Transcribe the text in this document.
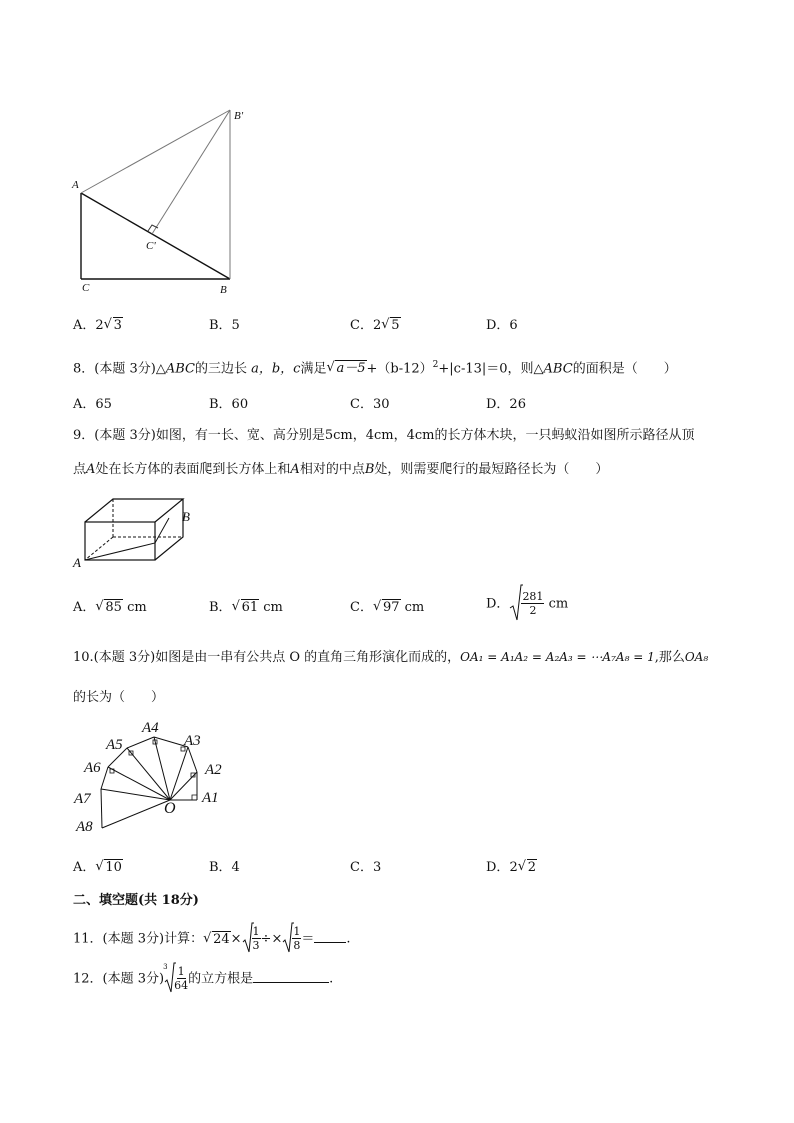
A
B'
C'
C	B
A．2 √ 3	B．5	C．2 √ 5	D．6
8．(本题 3分)△ABC的三边长 a，b，c满足 √ $a-5+(b-12)^2+|c-13|=0$，则△ABC的面积是（　　）
A．65	B．60	C．30	D．26
9．(本题 3分)如图，有一长、宽、高分别是5cm，4cm，4cm的长方体木块，一只蚂蚁沿如图所示路径从顶
点A处在长方体的表面爬到长方体上和A相对的中点B处，则需要爬行的最短路径长为（　　）
B
A
A． √ 85 cm	B． √ 61 cm	C． √ 97 cm	D． $\frac{281}{2}$ cm
10.(本题 3分)如图是由一串有公共点 O 的直角三角形演化而成的，OA₁ = A₁A₂ = A₂A₃ = ⋯A₇A₈ = 1,那么OA₈
的长为（　　）
A1
A2
A3
A4
A5
A6
A7
A8
O
A． √ 10	B．4	C．3	D．2 √ 2
二、填空题(共 18分)
11．(本题 3分)计算： √ $24\times \frac{1}{3} \div\times \frac{1}{8}$ ＝ .
12．(本题 3分)
$3 \frac{1}{64}$ 的立方根是	.
